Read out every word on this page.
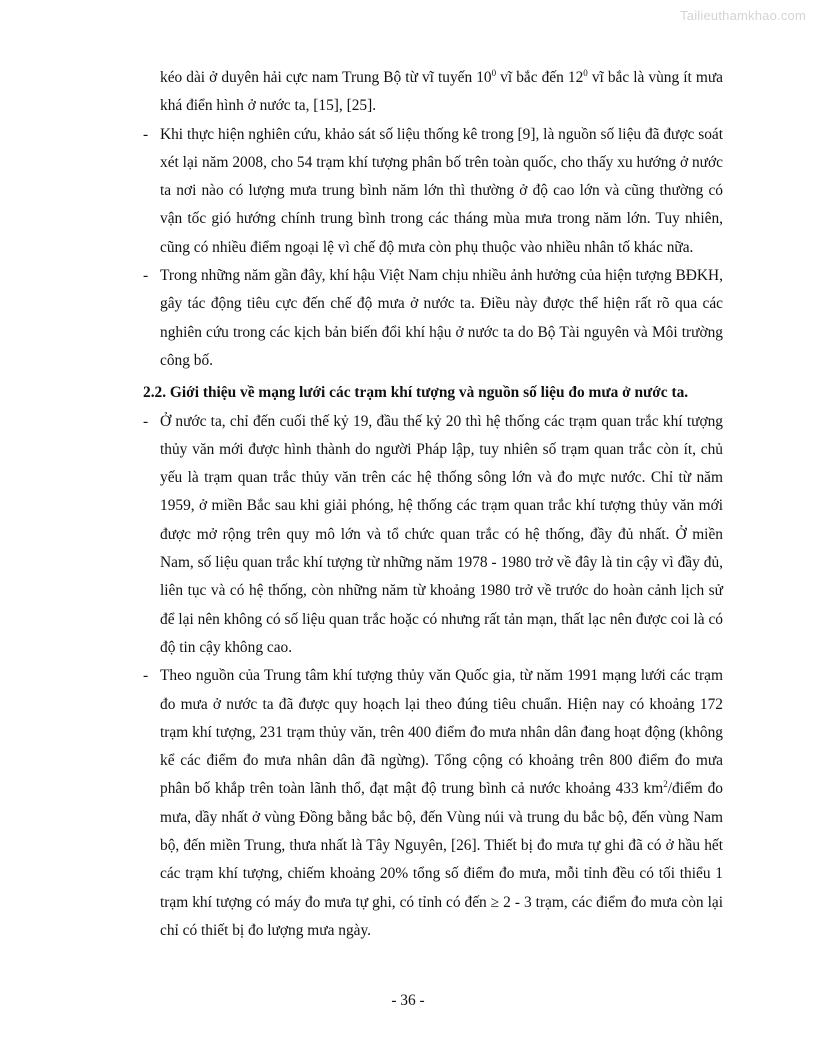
Tailieuthamkhao.com

kéo dài ở duyên hải cực nam Trung Bộ từ vĩ tuyến $10^0$ vĩ bắc đến $12^0$ vĩ bắc là vùng ít mưa khá điển hình ở nước ta, [15], [25].

- Khi thực hiện nghiên cứu, khảo sát số liệu thống kê trong [9], là nguồn số liệu đã được soát xét lại năm 2008, cho 54 trạm khí tượng phân bố trên toàn quốc, cho thấy xu hướng ở nước ta nơi nào có lượng mưa trung bình năm lớn thì thường ở độ cao lớn và cũng thường có vận tốc gió hướng chính trung bình trong các tháng mùa mưa trong năm lớn. Tuy nhiên, cũng có nhiều điểm ngoại lệ vì chế độ mưa còn phụ thuộc vào nhiều nhân tố khác nữa.

- Trong những năm gần đây, khí hậu Việt Nam chịu nhiều ảnh hưởng của hiện tượng BĐKH, gây tác động tiêu cực đến chế độ mưa ở nước ta. Điều này được thể hiện rất rõ qua các nghiên cứu trong các kịch bản biến đổi khí hậu ở nước ta do Bộ Tài nguyên và Môi trường công bố.

2.2. Giới thiệu về mạng lưới các trạm khí tượng và nguồn số liệu đo mưa ở nước ta.

- Ở nước ta, chỉ đến cuối thế kỷ 19, đầu thế kỷ 20 thì hệ thống các trạm quan trắc khí tượng thủy văn mới được hình thành do người Pháp lập, tuy nhiên số trạm quan trắc còn ít, chủ yếu là trạm quan trắc thủy văn trên các hệ thống sông lớn và đo mực nước. Chỉ từ năm 1959, ở miền Bắc sau khi giải phóng, hệ thống các trạm quan trắc khí tượng thủy văn mới được mở rộng trên quy mô lớn và tổ chức quan trắc có hệ thống, đầy đủ nhất. Ở miền Nam, số liệu quan trắc khí tượng từ những năm 1978 - 1980 trở về đây là tin cậy vì đầy đủ, liên tục và có hệ thống, còn những năm từ khoảng 1980 trở về trước do hoàn cảnh lịch sử để lại nên không có số liệu quan trắc hoặc có nhưng rất tản mạn, thất lạc nên được coi là có độ tin cậy không cao.

- Theo nguồn của Trung tâm khí tượng thủy văn Quốc gia, từ năm 1991 mạng lưới các trạm đo mưa ở nước ta đã được quy hoạch lại theo đúng tiêu chuẩn. Hiện nay có khoảng 172 trạm khí tượng, 231 trạm thủy văn, trên 400 điểm đo mưa nhân dân đang hoạt động (không kể các điểm đo mưa nhân dân đã ngừng). Tổng cộng có khoảng trên 800 điểm đo mưa phân bố khắp trên toàn lãnh thổ, đạt mật độ trung bình cả nước khoảng 433 $km^2$/điểm đo mưa, dầy nhất ở vùng Đồng bằng bắc bộ, đến Vùng núi và trung du bắc bộ, đến vùng Nam bộ, đến miền Trung, thưa nhất là Tây Nguyên, [26]. Thiết bị đo mưa tự ghi đã có ở hầu hết các trạm khí tượng, chiếm khoảng 20% tổng số điểm đo mưa, mỗi tỉnh đều có tối thiểu 1 trạm khí tượng có máy đo mưa tự ghi, có tỉnh có đến ≥ 2 - 3 trạm, các điểm đo mưa còn lại chỉ có thiết bị đo lượng mưa ngày.

- 36 -
